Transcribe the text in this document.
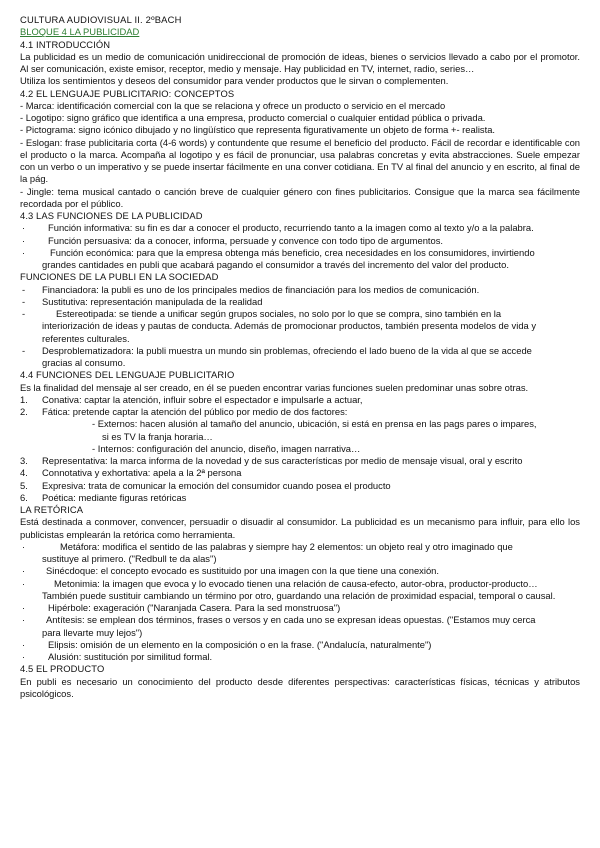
CULTURA AUDIOVISUAL II. 2ºBACH
BLOQUE 4 LA PUBLICIDAD
4.1 INTRODUCCIÓN

La publicidad es un medio de comunicación unidireccional de promoción de ideas, bienes o servicios llevado a cabo por el promotor. Al ser comunicación, existe emisor, receptor, medio y mensaje. Hay publicidad en TV, internet, radio, series…

Utiliza los sentimientos y deseos del consumidor para vender productos que le sirvan o complementen.
4.2 EL LENGUAJE PUBLICITARIO: CONCEPTOS
- Marca: identificación comercial con la que se relaciona y ofrece un producto o servicio en el mercado
- Logotipo: signo gráfico que identifica a una empresa, producto comercial o cualquier entidad pública o privada.
- Pictograma: signo icónico dibujado y no lingüístico que representa figurativamente un objeto de forma +- realista.

- Eslogan: frase publicitaria corta (4-6 words) y contundente que resume el beneficio del producto. Fácil de recordar e identificable con el producto o la marca. Acompaña al logotipo y es fácil de pronunciar, usa palabras concretas y evita abstracciones. Suele empezar con un verbo o un imperativo y se puede insertar fácilmente en una conver cotidiana. En TV al final del anuncio y en escrito, al final de la pág.

- Jingle: tema musical cantado o canción breve de cualquier género con fines publicitarios. Consigue que la marca sea fácilmente recordada por el público.

4.3 LAS FUNCIONES DE LA PUBLICIDAD
· Función informativa: su fin es dar a conocer el producto, recurriendo tanto a la imagen como al texto y/o a la palabra.
· Función persuasiva: da a conocer, informa, persuade y convence con todo tipo de argumentos.
·	Función económica: para que la empresa obtenga más beneficio, crea necesidades en los consumidores, invirtiendo
grandes cantidades en publi que acabará pagando el consumidor a través del incremento del valor del producto.
FUNCIONES DE LA PUBLI EN LA SOCIEDAD
- Financiadora: la publi es uno de los principales medios de financiación para los medios de comunicación.
- Sustitutiva: representación manipulada de la realidad
-	Estereotipada: se tiende a unificar según grupos sociales, no solo por lo que se compra, sino también en la
interiorización de ideas y pautas de conducta. Además de promocionar productos, también presenta modelos de vida y
referentes culturales.
- Desproblematizadora: la publi muestra un mundo sin problemas, ofreciendo el lado bueno de la vida al que se accede
gracias al consumo.
4.4 FUNCIONES DEL LENGUAJE PUBLICITARIO
Es la finalidad del mensaje al ser creado, en él se pueden encontrar varias funciones suelen predominar unas sobre otras.
1. Conativa: captar la atención, influir sobre el espectador e impulsarle a actuar,
2. Fática: pretende captar la atención del público por medio de dos factores:
- Externos: hacen alusión al tamaño del anuncio, ubicación, si está en prensa en las pags pares o impares,
si es TV la franja horaria…
- Internos: configuración del anuncio, diseño, imagen narrativa…
3. Representativa: la marca informa de la novedad y de sus características por medio de mensaje visual, oral y escrito
4. Connotativa y exhortativa: apela a la 2ª persona
5. Expresiva: trata de comunicar la emoción del consumidor cuando posea el producto
6. Poética: mediante figuras retóricas
LA RETÓRICA

Está destinada a conmover, convencer, persuadir o disuadir al consumidor. La publicidad es un mecanismo para influir, para ello los publicistas emplearán la retórica como herramienta.

·	Metáfora: modifica el sentido de las palabras y siempre hay 2 elementos: un objeto real y otro imaginado que
sustituye al primero. ("Redbull te da alas")
· Sinécdoque: el concepto evocado es sustituido por una imagen con la que tiene una conexión.
·	Metonimia: la imagen que evoca y lo evocado tienen una relación de causa-efecto, autor-obra, productor-producto…

También puede sustituir cambiando un término por otro, guardando una relación de proximidad espacial, temporal o causal.

· Hipérbole: exageración ("Naranjada Casera. Para la sed monstruosa")
· Antítesis: se emplean dos términos, frases o versos y en cada uno se expresan ideas opuestas. ("Estamos muy cerca
para llevarte muy lejos")
· Elipsis: omisión de un elemento en la composición o en la frase. ("Andalucía, naturalmente")
· Alusión: sustitución por similitud formal.
4.5 EL PRODUCTO

En publi es necesario un conocimiento del producto desde diferentes perspectivas: características físicas, técnicas y atributos psicológicos.
